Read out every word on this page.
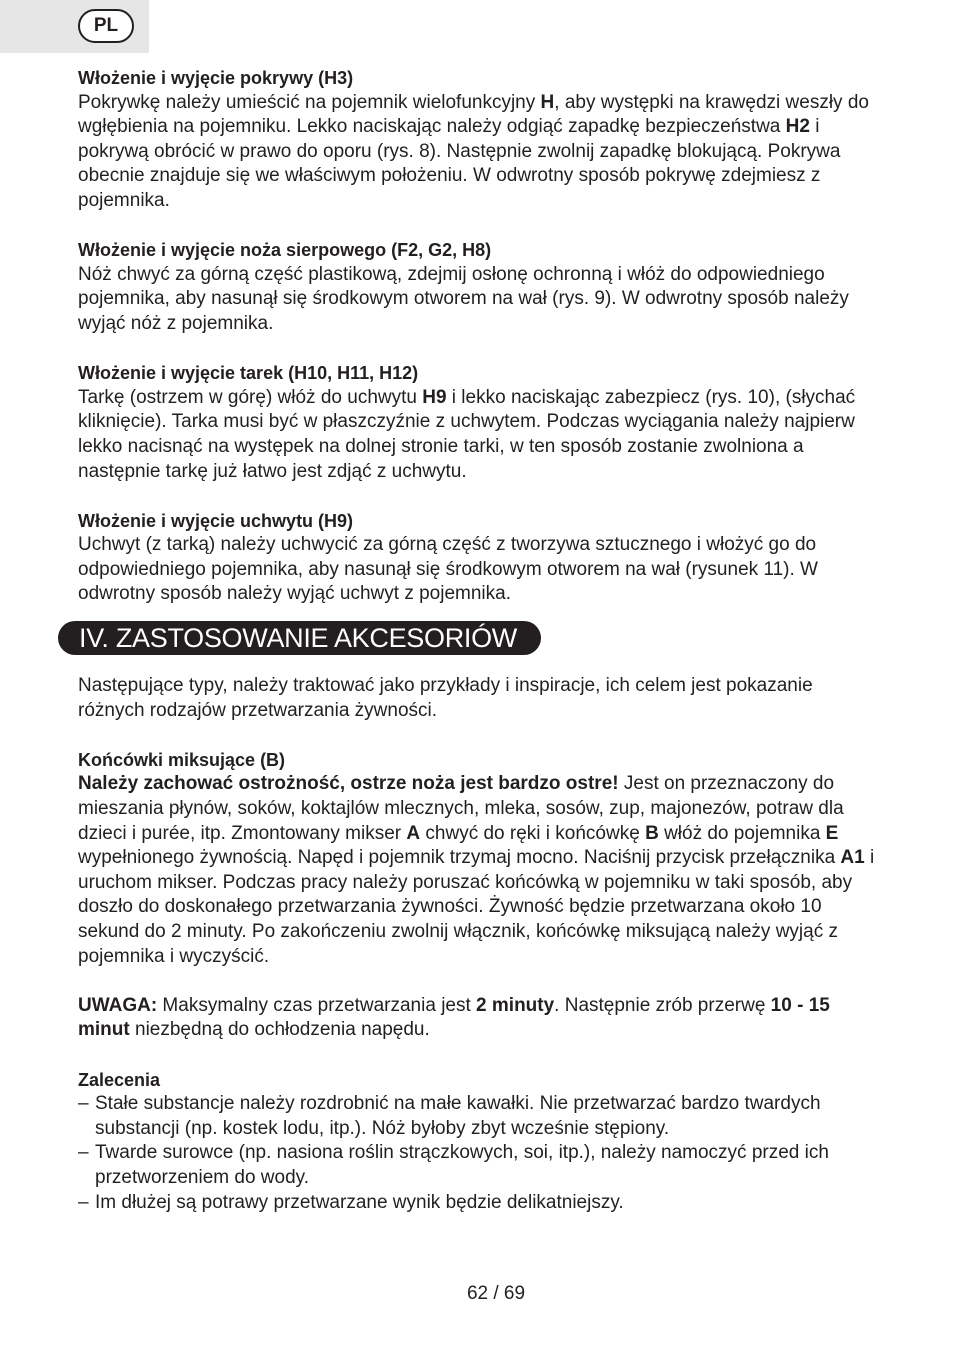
PL

Włożenie i wyjęcie pokrywy (H3)

Pokrywkę należy umieścić na pojemnik wielofunkcyjny H, aby występki na krawędzi weszły do wgłębienia na pojemniku. Lekko naciskając należy odgiąć zapadkę bezpieczeństwa H2 i pokrywą obrócić w prawo do oporu (rys. 8). Następnie zwolnij zapadkę blokującą. Pokrywa obecnie znajduje się we właściwym położeniu. W odwrotny sposób pokrywę zdejmiesz z pojemnika.

Włożenie i wyjęcie noża sierpowego (F2, G2, H8)

Nóż chwyć za górną część plastikową, zdejmij osłonę ochronną i włóż do odpowiedniego pojemnika, aby nasunął się środkowym otworem na wał (rys. 9). W odwrotny sposób należy wyjąć nóż z pojemnika.

Włożenie i wyjęcie tarek (H10, H11, H12)

Tarkę (ostrzem w górę) włóż do uchwytu H9 i lekko naciskając zabezpiecz (rys. 10), (słychać kliknięcie). Tarka musi być w płaszczyźnie z uchwytem. Podczas wyciągania należy najpierw lekko nacisnąć na występek na dolnej stronie tarki, w ten sposób zostanie zwolniona a następnie tarkę już łatwo jest zdjąć z uchwytu.

Włożenie i wyjęcie uchwytu (H9)

Uchwyt (z tarką) należy uchwycić za górną część z tworzywa sztucznego i włożyć go do odpowiedniego pojemnika, aby nasunął się środkowym otworem na wał (rysunek 11). W odwrotny sposób należy wyjąć uchwyt z pojemnika.

IV. ZASTOSOWANIE AKCESORIÓW

Następujące typy, należy traktować jako przykłady i inspiracje, ich celem jest pokazanie różnych rodzajów przetwarzania żywności.

Końcówki miksujące (B)

Należy zachować ostrożność, ostrze noża jest bardzo ostre! Jest on przeznaczony do mieszania płynów, soków, koktajlów mlecznych, mleka, sosów, zup, majonezów, potraw dla dzieci i purée, itp. Zmontowany mikser A chwyć do ręki i końcówkę B włóż do pojemnika E wypełnionego żywnością. Napęd i pojemnik trzymaj mocno. Naciśnij przycisk przełącznika A1 i uruchom mikser. Podczas pracy należy poruszać końcówką w pojemniku w taki sposób, aby doszło do doskonałego przetwarzania żywności. Żywność będzie przetwarzana około 10 sekund do 2 minuty. Po zakończeniu zwolnij włącznik, końcówkę miksującą należy wyjąć z pojemnika i wyczyścić.

UWAGA: Maksymalny czas przetwarzania jest 2 minuty. Następnie zrób przerwę 10 - 15 minut niezbędną do ochłodzenia napędu.

Zalecenia

– Stałe substancje należy rozdrobnić na małe kawałki. Nie przetwarzać bardzo twardych substancji (np. kostek lodu, itp.). Nóż byłoby zbyt wcześnie stępiony.
– Twarde surowce (np. nasiona roślin strączkowych, soi, itp.), należy namoczyć przed ich przetworzeniem do wody.
– Im dłużej są potrawy przetwarzane wynik będzie delikatniejszy.
62 / 69
